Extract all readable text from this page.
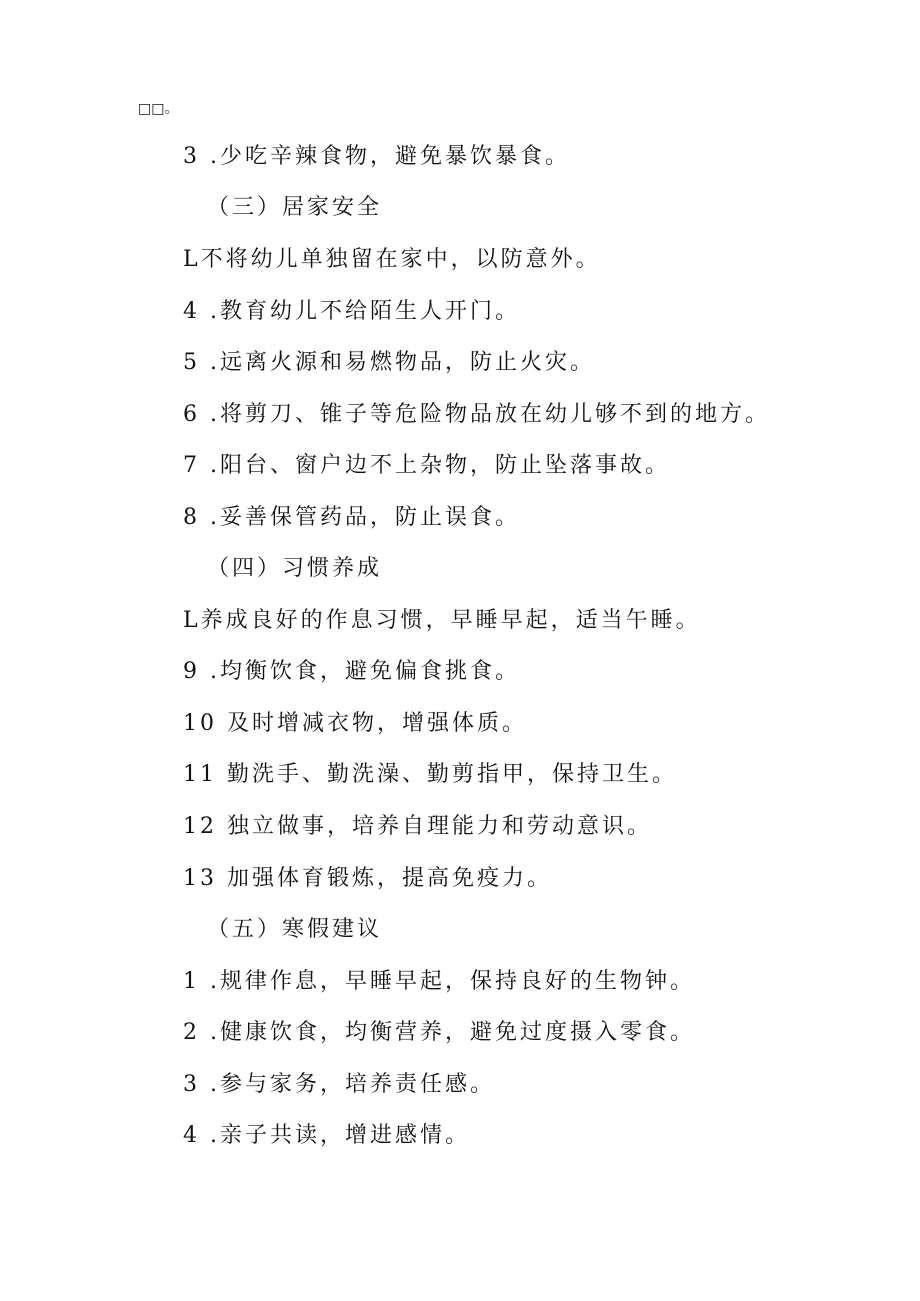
□□。
3 .少吃辛辣食物，避免暴饮暴食。
（三）居家安全
L不将幼儿单独留在家中，以防意外。
4 .教育幼儿不给陌生人开门。
5 .远离火源和易燃物品，防止火灾。
6 .将剪刀、锥子等危险物品放在幼儿够不到的地方。
7 .阳台、窗户边不上杂物，防止坠落事故。
8 .妥善保管药品，防止误食。
（四）习惯养成
L养成良好的作息习惯，早睡早起，适当午睡。
9 .均衡饮食，避免偏食挑食。
10 及时增减衣物，增强体质。
11 勤洗手、勤洗澡、勤剪指甲，保持卫生。
12 独立做事，培养自理能力和劳动意识。
13 加强体育锻炼，提高免疫力。
（五）寒假建议
1 .规律作息，早睡早起，保持良好的生物钟。
2 .健康饮食，均衡营养，避免过度摄入零食。
3 .参与家务，培养责任感。
4 .亲子共读，增进感情。
